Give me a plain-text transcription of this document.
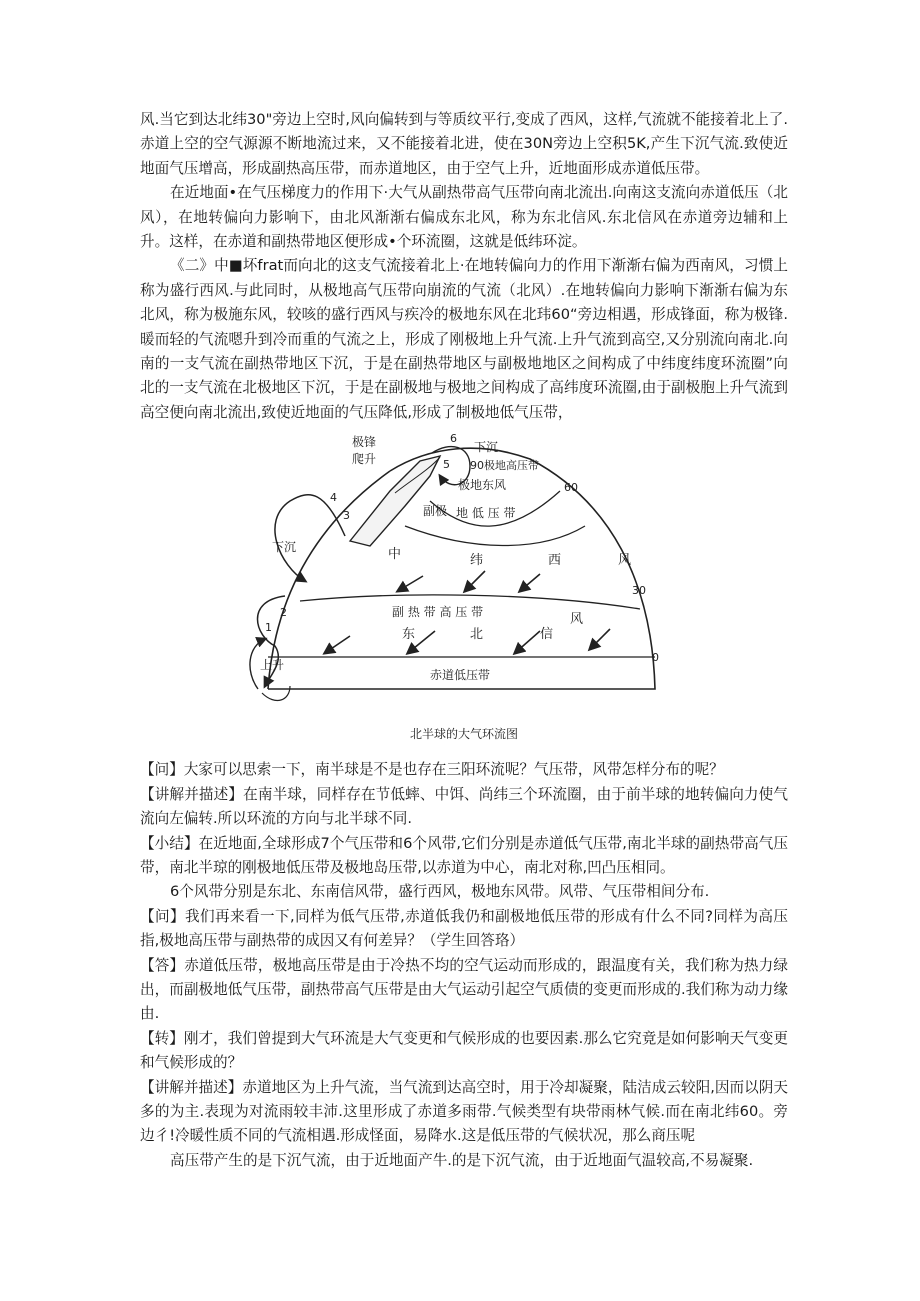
风.当它到达北纬30"旁边上空时,风向偏转到与等质纹平行,变成了西风，这样,气流就不能接着北上了.赤道上空的空气源源不断地流过来，又不能接着北进，使在30N旁边上空积5K,产生下沉气流.致使近地面气压增高，形成副热高压带，而赤道地区，由于空气上升，近地面形成赤道低压带。

在近地面•在气压梯度力的作用下·大气从副热带高气压带向南北流出.向南这支流向赤道低压（北风），在地转偏向力影响下，由北风渐渐右偏成东北风，称为东北信风.东北信风在赤道旁边辅和上升。这样，在赤道和副热带地区便形成•个环流圈，这就是低纬环淀。

《二》中■坏frat而向北的这支气流接着北上·在地转偏向力的作用下渐渐右偏为西南风，习惯上称为盛行西风.与此同时，从极地高气压带向崩流的气流（北风）.在地转偏向力影响下渐渐右偏为东北风，称为极施东风，较咳的盛行西风与疾冷的极地东风在北玮60“旁边相遇，形成锋面，称为极锋.暖而轻的气流嗯升到冷而重的气流之上，形成了刚极地上升气流.上升气流到高空,又分别流向南北.向南的一支气流在副热带地区下沉，于是在副热带地区与副极地地区之间构成了中纬度纬度环流圈”向北的一支气流在北极地区下沉，于是在副极地与极地之间构成了高纬度环流圈,由于副极胞上升气流到高空便向南北流出,致使近地面的气压降低,形成了制极地低气压带，

极锋
爬升
6
下沉
5 90极地高压带
极地东风	60
4
副极 地 低 压 带
3
下沉	中	纬	西	风
30
副 热 带 高 压 带
东	北	信
风
2
1
上升
0
赤道低压带
北半球的大气环流图

【问】大家可以思索一下，南半球是不是也存在三阳环流呢？气压带，风带怎样分布的呢？

【讲解并描述】在南半球，同样存在节低蟀、中饵、尚纬三个环流圈，由于前半球的地转偏向力使气流向左偏转.所以环流的方向与北半球不同.

【小结】在近地面,全球形成7个气压带和6个风带,它们分别是赤道低气压带,南北半球的副热带高气压带，南北半琼的刚极地低压带及极地岛压带,以赤道为中心，南北对称,凹凸压相同。

6个风带分别是东北、东南信风带，盛行西风，极地东风带。风带、气压带相间分布.

【问】我们再来看一下,同样为低气压带,赤道低我仍和副极地低压带的形成有什么不同?同样为高压指,极地高压带与副热带的成因又有何差异？（学生回答珞）

【答】赤道低压带，极地高压带是由于冷热不均的空气运动而形成的，跟温度有关，我们称为热力绿出，而副极地低气压带，副热带高气压带是由大气运动引起空气质债的变更而形成的.我们称为动力缘由.

【转】刚才，我们曾提到大气环流是大气变更和气候形成的也要因素.那么它究竟是如何影响天气变更和气候形成的？

【讲解并描述】赤道地区为上升气流，当气流到达高空时，用于冷却凝聚，陆洁成云较阳,因而以阴天多的为主.表现为对流雨较丰沛.这里形成了赤道多雨带.气候类型有块带雨林气候.而在南北纬60。旁边彳!冷暖性质不同的气流相遇.形成怪面，易降水.这是低压带的气候状况，那么商压呢

高压带产生的是下沉气流，由于近地面产牛.的是下沉气流，由于近地面气温较高,不易凝聚.
